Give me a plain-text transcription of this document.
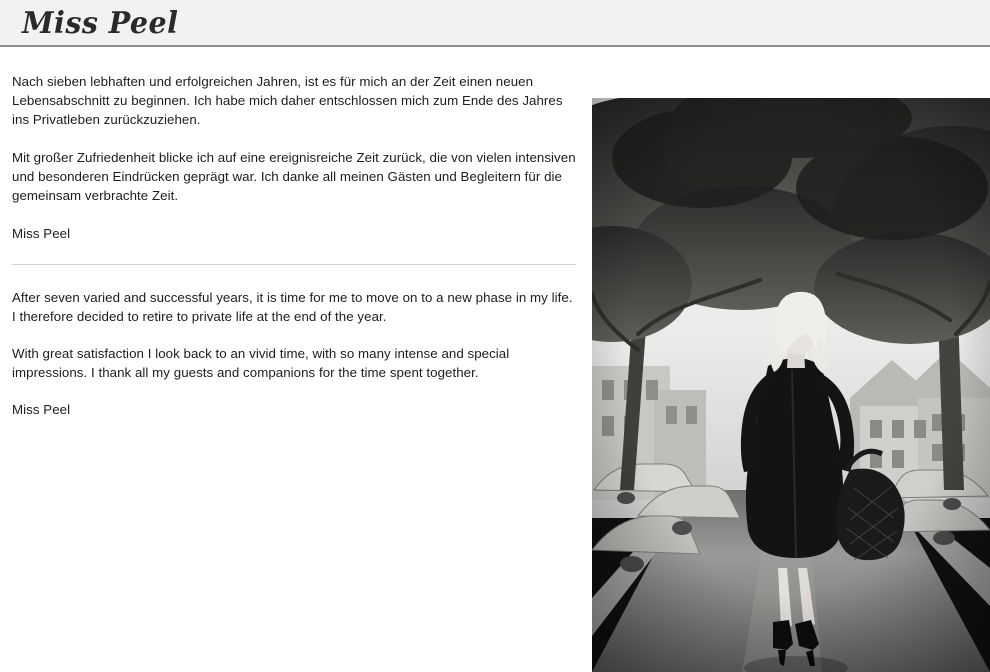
Miss Peel

Nach sieben lebhaften und erfolgreichen Jahren, ist es für mich an der Zeit einen neuen Lebensabschnitt zu beginnen. Ich habe mich daher entschlossen mich zum Ende des Jahres ins Privatleben zurückzuziehen.

Mit großer Zufriedenheit blicke ich auf eine ereignisreiche Zeit zurück, die von vielen intensiven und besonderen Eindrücken geprägt war. Ich danke all meinen Gästen und Begleitern für die gemeinsam verbrachte Zeit.

Miss Peel

After seven varied and successful years, it is time for me to move on to a new phase in my life. I therefore decided to retire to private life at the end of the year.

With great satisfaction I look back to an vivid time, with so many intense and special impressions. I thank all my guests and companions for the time spent together.

Miss Peel
